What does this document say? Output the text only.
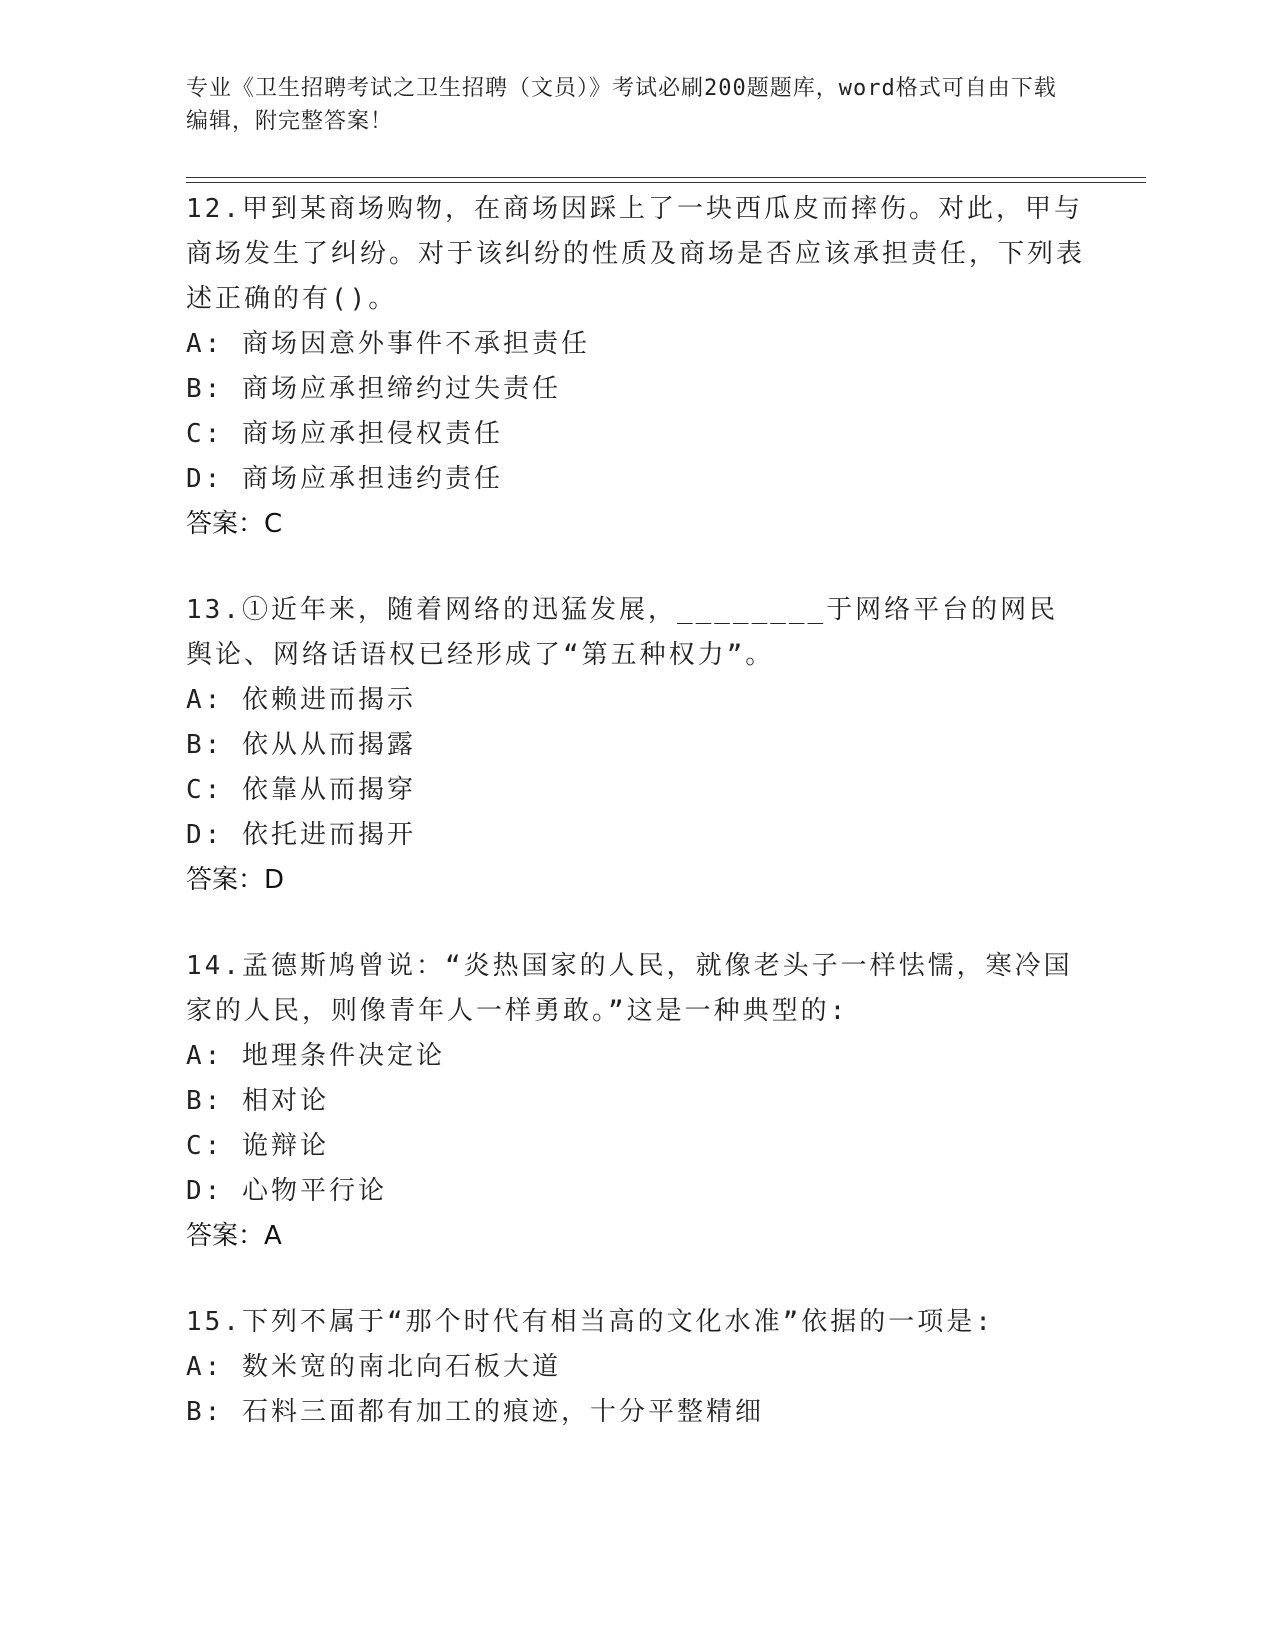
专业《卫生招聘考试之卫生招聘（文员）》考试必刷200题题库，word格式可自由下载编辑，附完整答案！

12.甲到某商场购物，在商场因踩上了一块西瓜皮而摔伤。对此，甲与商场发生了纠纷。对于该纠纷的性质及商场是否应该承担责任，下列表述正确的有()。

A: 商场因意外事件不承担责任

B: 商场应承担缔约过失责任

C: 商场应承担侵权责任

D: 商场应承担违约责任

答案：C

13.①近年来，随着网络的迅猛发展，________于网络平台的网民舆论、网络话语权已经形成了“第五种权力”。

A: 依赖进而揭示

B: 依从从而揭露

C: 依靠从而揭穿

D: 依托进而揭开

答案：D

14.孟德斯鸠曾说：“炎热国家的人民，就像老头子一样怯懦，寒冷国家的人民，则像青年人一样勇敢。”这是一种典型的:

A: 地理条件决定论

B: 相对论

C: 诡辩论

D: 心物平行论

答案：A

15.下列不属于“那个时代有相当高的文化水准”依据的一项是:

A: 数米宽的南北向石板大道

B: 石料三面都有加工的痕迹，十分平整精细
